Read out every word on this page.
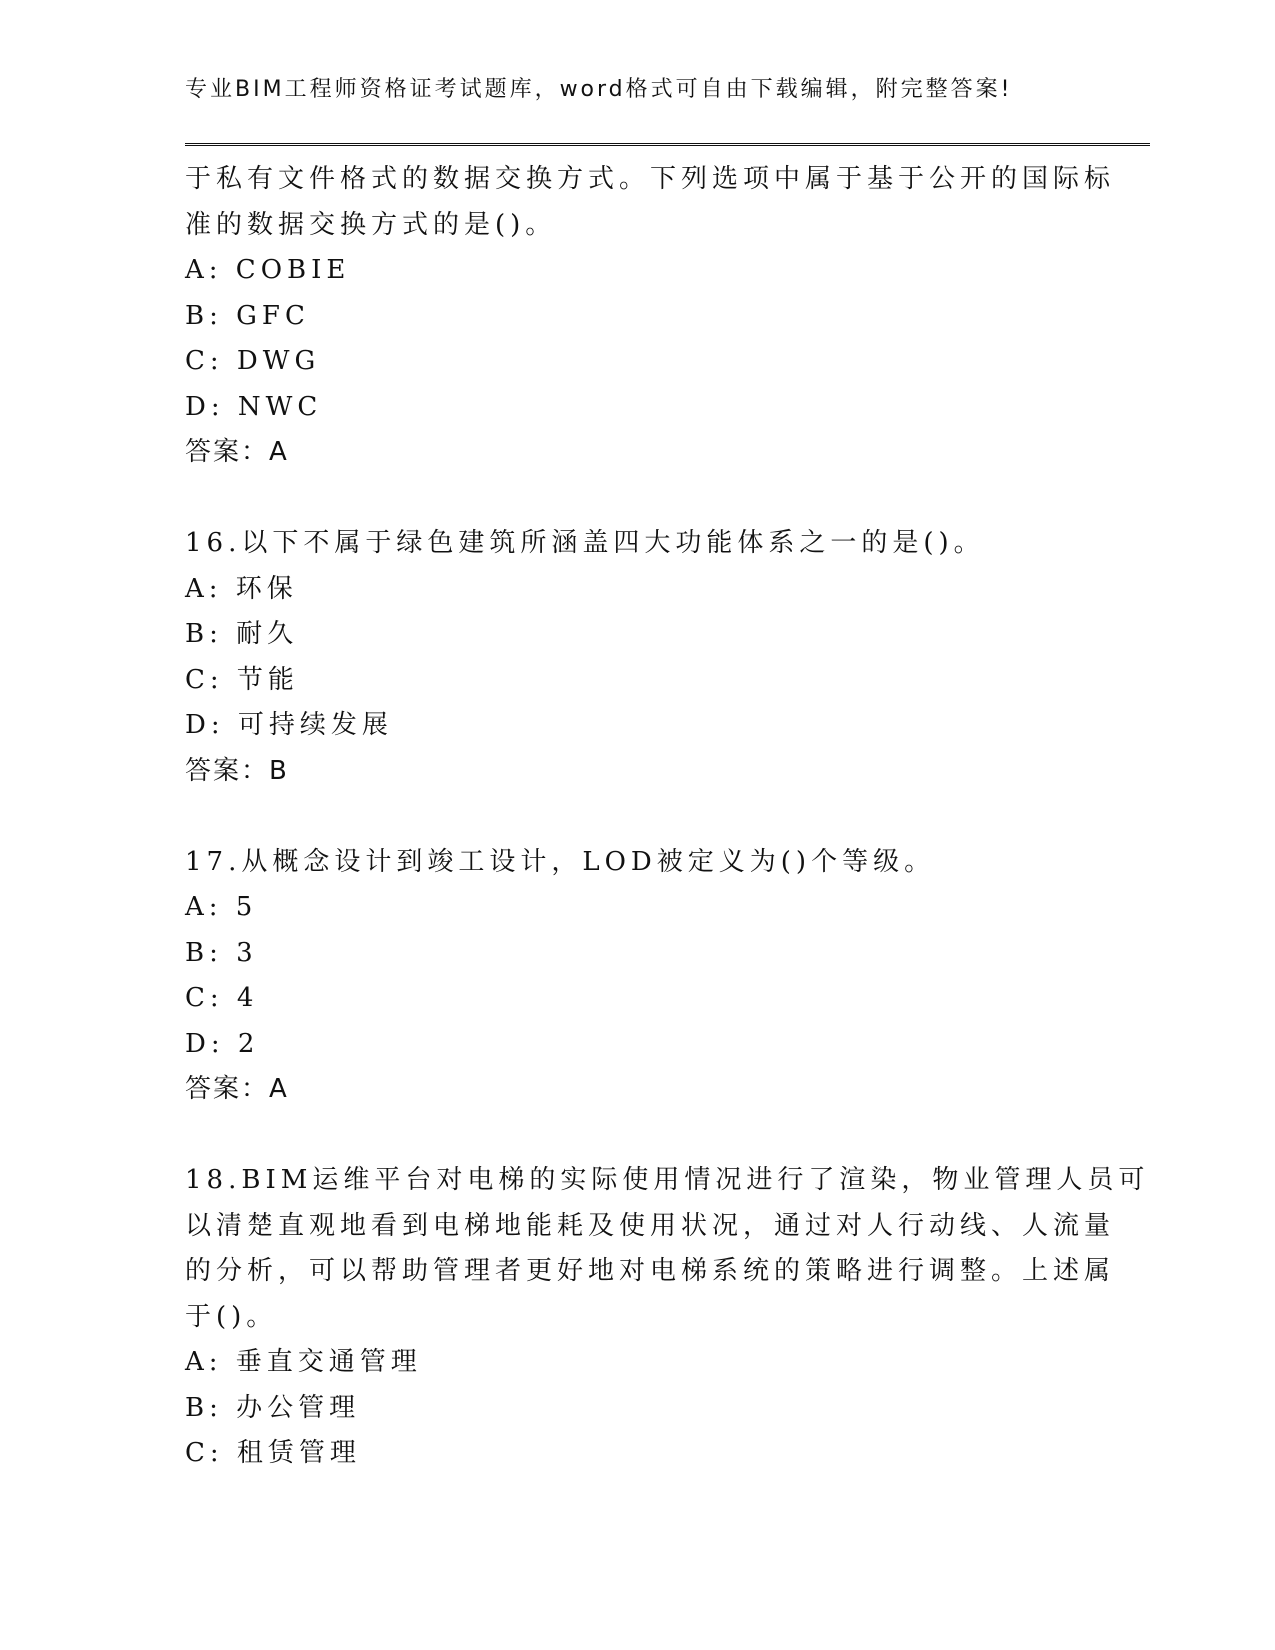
专业BIM工程师资格证考试题库，word格式可自由下载编辑，附完整答案!
于私有文件格式的数据交换方式。下列选项中属于基于公开的国际标
准的数据交换方式的是()。
A: COBIE
B: GFC
C: DWG
D: NWC
答案：A
16.以下不属于绿色建筑所涵盖四大功能体系之一的是()。
A: 环保
B: 耐久
C: 节能
D: 可持续发展
答案：B
17.从概念设计到竣工设计，LOD被定义为()个等级。
A: 5
B: 3
C: 4
D: 2
答案：A
18.BIM运维平台对电梯的实际使用情况进行了渲染，物业管理人员可
以清楚直观地看到电梯地能耗及使用状况，通过对人行动线、人流量
的分析，可以帮助管理者更好地对电梯系统的策略进行调整。上述属
于()。
A: 垂直交通管理
B: 办公管理
C: 租赁管理
